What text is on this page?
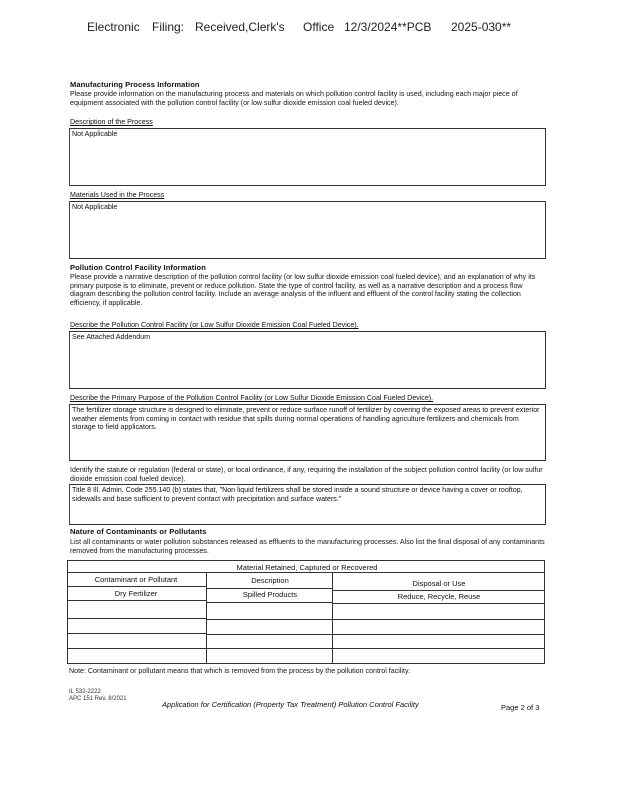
Electronic Filing: Received,Clerk's Office 12/3/2024**PCB 2025-030**
Manufacturing Process Information
Please provide information on the manufacturing process and materials on which pollution control facility is used, including each major piece of equipment associated with the pollution control facility (or low sulfur dioxide emission coal fueled device).
Description of the Process
Not Applicable
Materials Used in the Process
Not Applicable
Pollution Control Facility Information
Please provide a narrative description of the pollution control facility (or low sulfur dioxide emission coal fueled device), and an explanation of why its primary purpose is to eliminate, prevent or reduce pollution. State the type of control facility, as well as a narrative description and a process flow diagram describing the pollution control facility. Include an average analysis of the influent and effluent of the control facility stating the collection efficiency, if applicable.
Describe the Pollution Control Facility (or Low Sulfur Dioxide Emission Coal Fueled Device).
See Attached Addendum
Describe the Primary Purpose of the Pollution Control Facility (or Low Sulfur Dioxide Emission Coal Fueled Device).
The fertilizer storage structure is designed to eliminate, prevent or reduce surface runoff of fertilizer by covering the exposed areas to prevent exterior weather elements from coming in contact with residue that spills during normal operations of handling agriculture fertilizers and chemicals from storage to field applicators.
Identify the statute or regulation (federal or state), or local ordinance, if any, requiring the installation of the subject pollution control facility (or low sulfur dioxide emission coal fueled device).
Title 8 Ill. Admin. Code 255.140 (b) states that, "Non liquid fertilizers shall be stored inside a sound structure or device having a cover or rooftop, sidewalls and base sufficient to prevent contact with precipitation and surface waters."
Nature of Contaminants or Pollutants
List all contaminants or water pollution substances released as effluents to the manufacturing processes. Also list the final disposal of any contaminants removed from the manufacturing processes.
Material Retained, Captured or Recovered
Contaminant or Pollutant	Description	Disposal or Use
Dry Fertilizer	Spilled Products	Reduce, Recycle, Reuse
Note: Contaminant or pollutant means that which is removed from the process by the pollution control facility.
IL 532-2222
APC 151 Rev. 8/2021
Application for Certification (Property Tax Treatment) Pollution Control Facility	Page 2 of 3
